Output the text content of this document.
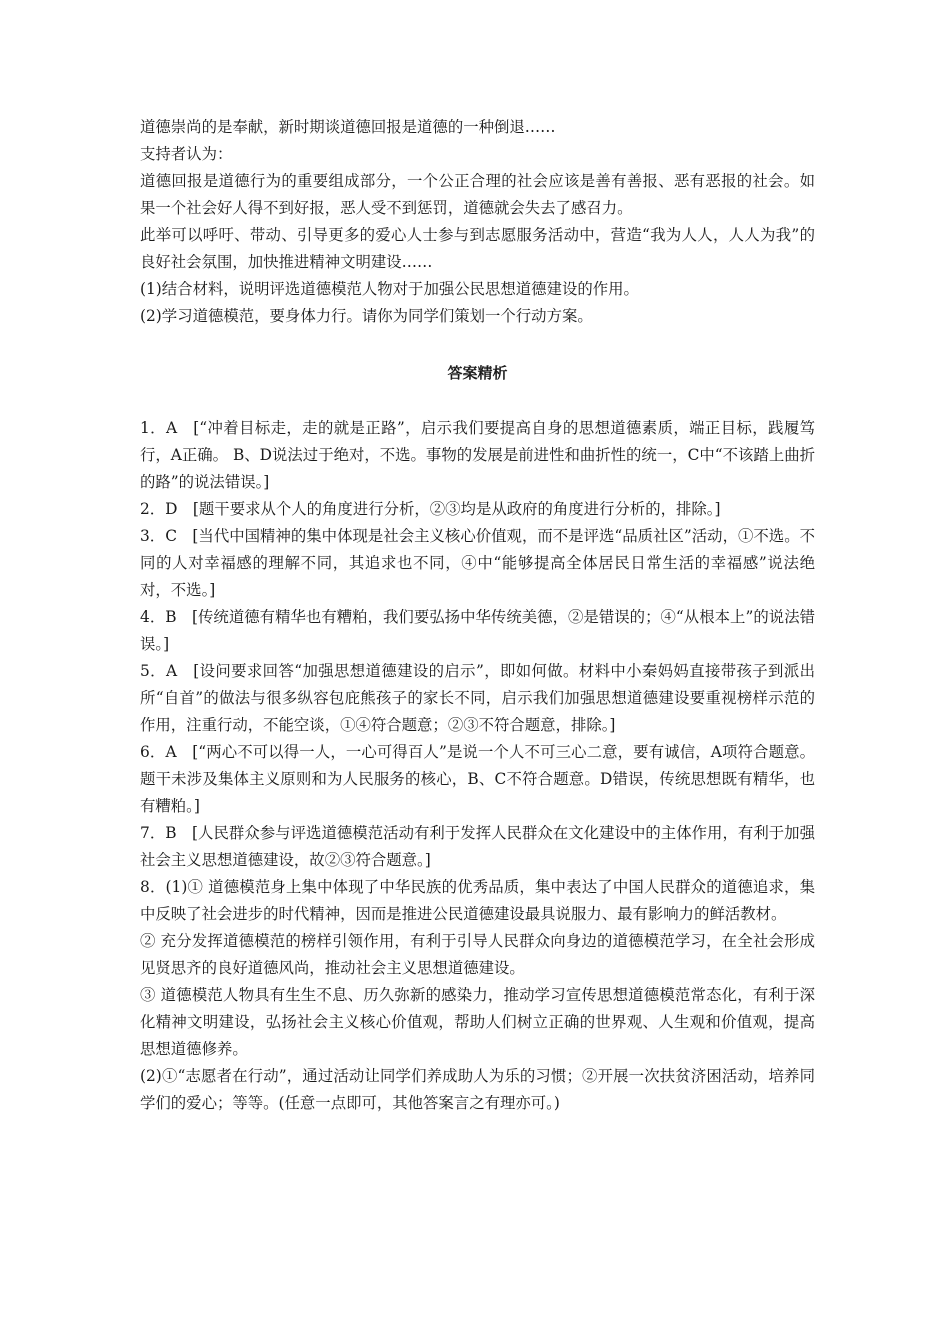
道德崇尚的是奉献，新时期谈道德回报是道德的一种倒退……

支持者认为：

道德回报是道德行为的重要组成部分，一个公正合理的社会应该是善有善报、恶有恶报的社会。如果一个社会好人得不到好报，恶人受不到惩罚，道德就会失去了感召力。

此举可以呼吁、带动、引导更多的爱心人士参与到志愿服务活动中，营造“我为人人，人人为我”的良好社会氛围，加快推进精神文明建设……

(1)结合材料，说明评选道德模范人物对于加强公民思想道德建设的作用。

(2)学习道德模范，要身体力行。请你为同学们策划一个行动方案。

答案精析

1．A　[“冲着目标走，走的就是正路”，启示我们要提高自身的思想道德素质，端正目标，践履笃行，A正确。 B、D说法过于绝对，不选。事物的发展是前进性和曲折性的统一，C中“不该踏上曲折的路”的说法错误。]

2．D　[题干要求从个人的角度进行分析，②③均是从政府的角度进行分析的，排除。]

3．C　[当代中国精神的集中体现是社会主义核心价值观，而不是评选“品质社区”活动，①不选。不同的人对幸福感的理解不同，其追求也不同，④中“能够提高全体居民日常生活的幸福感”说法绝对，不选。]

4．B　[传统道德有精华也有糟粕，我们要弘扬中华传统美德，②是错误的；④“从根本上”的说法错误。]

5．A　[设问要求回答“加强思想道德建设的启示”，即如何做。材料中小秦妈妈直接带孩子到派出所“自首”的做法与很多纵容包庇熊孩子的家长不同，启示我们加强思想道德建设要重视榜样示范的作用，注重行动，不能空谈，①④符合题意；②③不符合题意，排除。]

6．A　[“两心不可以得一人，一心可得百人”是说一个人不可三心二意，要有诚信，A项符合题意。题干未涉及集体主义原则和为人民服务的核心，B、C不符合题意。D错误，传统思想既有精华，也有糟粕。]

7．B　[人民群众参与评选道德模范活动有利于发挥人民群众在文化建设中的主体作用，有利于加强社会主义思想道德建设，故②③符合题意。]

8．(1)① 道德模范身上集中体现了中华民族的优秀品质，集中表达了中国人民群众的道德追求，集中反映了社会进步的时代精神，因而是推进公民道德建设最具说服力、最有影响力的鲜活教材。

② 充分发挥道德模范的榜样引领作用，有利于引导人民群众向身边的道德模范学习，在全社会形成见贤思齐的良好道德风尚，推动社会主义思想道德建设。

③ 道德模范人物具有生生不息、历久弥新的感染力，推动学习宣传思想道德模范常态化，有利于深化精神文明建设，弘扬社会主义核心价值观，帮助人们树立正确的世界观、人生观和价值观，提高思想道德修养。

(2)①“志愿者在行动”，通过活动让同学们养成助人为乐的习惯；②开展一次扶贫济困活动，培养同学们的爱心；等等。(任意一点即可，其他答案言之有理亦可。)
